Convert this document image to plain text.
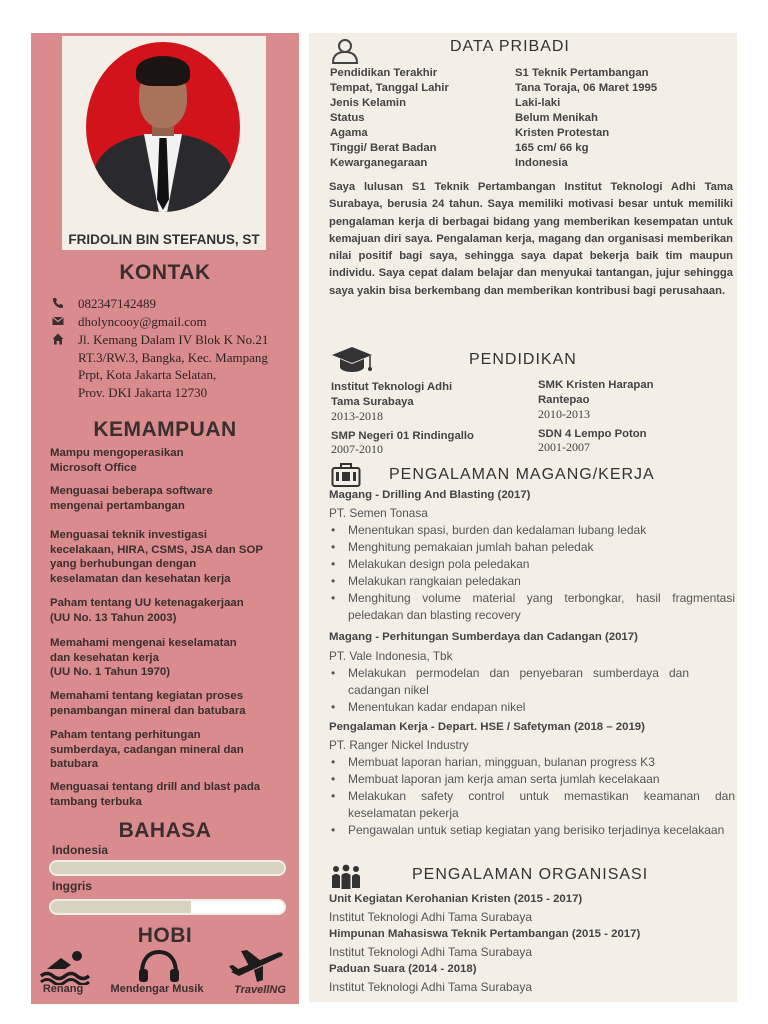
FRIDOLIN BIN STEFANUS, ST
KONTAK
082347142489
dholyncooy@gmail.com
Jl. Kemang Dalam IV Blok K No.21
RT.3/RW.3, Bangka, Kec. Mampang
Prpt, Kota Jakarta Selatan,
Prov. DKI Jakarta 12730
KEMAMPUAN
Mampu mengoperasikan
Microsoft Office
Menguasai beberapa software
mengenai pertambangan
Menguasai teknik investigasi
kecelakaan, HIRA, CSMS, JSA dan SOP
yang berhubungan dengan
keselamatan dan kesehatan kerja
Paham tentang UU ketenagakerjaan
(UU No. 13 Tahun 2003)
Memahami mengenai keselamatan
dan kesehatan kerja
(UU No. 1 Tahun 1970)
Memahami tentang kegiatan proses
penambangan mineral dan batubara
Paham tentang perhitungan
sumberdaya, cadangan mineral dan
batubara
Menguasai tentang drill and blast pada
tambang terbuka
BAHASA
Indonesia
Inggris
HOBI
Renang	Mendengar Musik	TravellNG
DATA PRIBADI
Pendidikan Terakhir
Tempat, Tanggal Lahir
Jenis Kelamin
Status
Agama
Tinggi/ Berat Badan
Kewarganegaraan
S1 Teknik Pertambangan
Tana Toraja, 06 Maret 1995
Laki-laki
Belum Menikah
Kristen Protestan
165 cm/ 66 kg
Indonesia
Saya lulusan S1 Teknik Pertambangan Institut Teknologi Adhi Tama Surabaya, berusia 24 tahun. Saya memiliki motivasi besar untuk memiliki pengalaman kerja di berbagai bidang yang memberikan kesempatan untuk kemajuan diri saya. Pengalaman kerja, magang dan organisasi memberikan nilai positif bagi saya, sehingga saya dapat bekerja baik tim maupun individu. Saya cepat dalam belajar dan menyukai tantangan, jujur sehingga saya yakin bisa berkembang dan memberikan kontribusi bagi perusahaan.
PENDIDIKAN
Institut Teknologi Adhi
Tama Surabaya
2013-2018
SMK Kristen Harapan
Rantepao
2010-2013
SMP Negeri 01 Rindingallo
2007-2010
SDN 4 Lempo Poton
2001-2007
PENGALAMAN MAGANG/KERJA
Magang - Drilling And Blasting (2017)
PT. Semen Tonasa
• Menentukan spasi, burden dan kedalaman lubang ledak
• Menghitung pemakaian jumlah bahan peledak
• Melakukan design pola peledakan
• Melakukan rangkaian peledakan
• Menghitung volume material yang terbongkar, hasil fragmentasi peledakan dan blasting recovery
Magang - Perhitungan Sumberdaya dan Cadangan (2017)
PT. Vale Indonesia, Tbk
• Melakukan permodelan dan penyebaran sumberdaya dan cadangan nikel
• Menentukan kadar endapan nikel
Pengalaman Kerja - Depart. HSE / Safetyman (2018 – 2019)
PT. Ranger Nickel Industry
• Membuat laporan harian, mingguan, bulanan progress K3
• Membuat laporan jam kerja aman serta jumlah kecelakaan
• Melakukan safety control untuk memastikan keamanan dan keselamatan pekerja
• Pengawalan untuk setiap kegiatan yang berisiko terjadinya kecelakaan
PENGALAMAN ORGANISASI
Unit Kegiatan Kerohanian Kristen (2015 - 2017)
Institut Teknologi Adhi Tama Surabaya
Himpunan Mahasiswa Teknik Pertambangan (2015 - 2017)
Institut Teknologi Adhi Tama Surabaya
Paduan Suara (2014 - 2018)
Institut Teknologi Adhi Tama Surabaya
